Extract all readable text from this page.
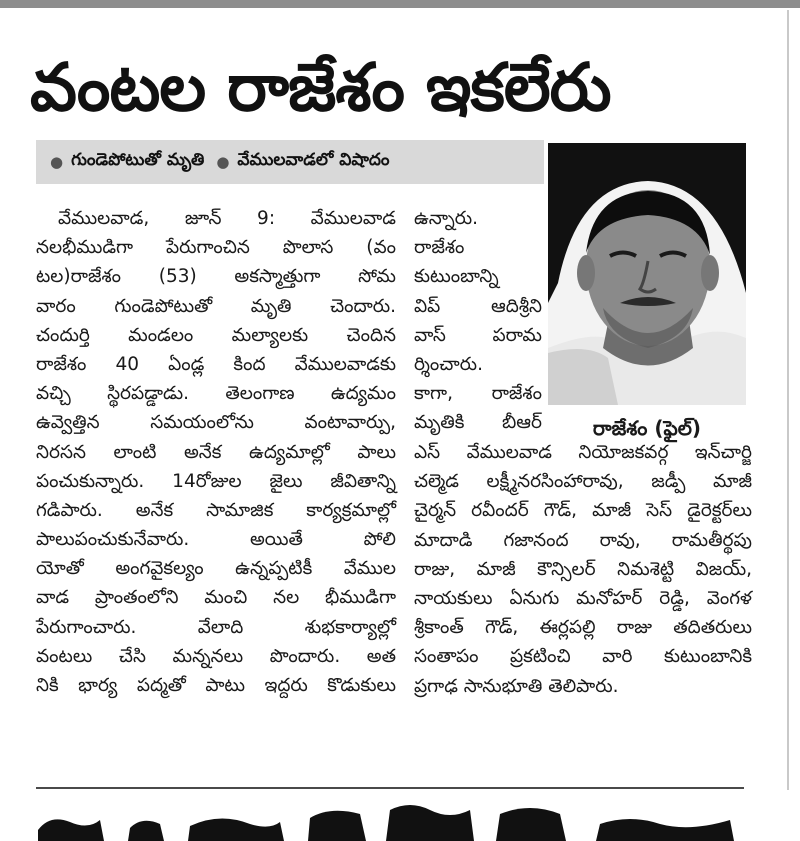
వంటల రాజేశం ఇకలేరు
● గుండెపోటుతో మృతి ● వేములవాడలో విషాదం
రాజేశం (ఫైల్)
వేములవాడ, జూన్ 9: వేములవాడ
నలభీముడిగా పేరుగాంచిన పొలాస (వం
టల)రాజేశం (53) అకస్మాత్తుగా సోమ
వారం గుండెపోటుతో మృతి చెందారు.
చందుర్తి మండలం మల్యాలకు చెందిన
రాజేశం 40 ఏండ్ల కింద వేములవాడకు
వచ్చి స్థిరపడ్డాడు. తెలంగాణ ఉద్యమం
ఉవ్వెత్తిన సమయంలోను వంటావార్పు,
నిరసన లాంటి అనేక ఉద్యమాల్లో పాలు
పంచుకున్నారు. 14రోజుల జైలు జీవితాన్ని
గడిపారు. అనేక సామాజిక కార్యక్రమాల్లో
పాలుపంచుకునేవారు. అయితే పోలి
యోతో అంగవైకల్యం ఉన్నప్పటికీ వేముల
వాడ ప్రాంతంలోని మంచి నల భీముడిగా
పేరుగాంచారు. వేలాది శుభకార్యాల్లో
వంటలు చేసి మన్ననలు పొందారు. అత
నికి భార్య పద్మతో పాటు ఇద్దరు కొడుకులు
ఉన్నారు.
రాజేశం
కుటుంబాన్ని
విప్ ఆదిశ్రీని
వాస్ పరామ
ర్శించారు.
కాగా, రాజేశం
మృతికి బీఆర్
ఎస్ వేములవాడ నియోజకవర్గ ఇన్‌చార్జి
చల్మెడ లక్ష్మీనరసింహారావు, జడ్పీ మాజీ
చైర్మన్ రవీందర్ గౌడ్, మాజీ సెస్ డైరెక్టర్‌లు
మాదాడి గజానంద రావు, రామతీర్థపు
రాజు, మాజీ కౌన్సిలర్ నిమశెట్టి విజయ్,
నాయకులు ఏనుగు మనోహర్ రెడ్డి, వెంగళ
శ్రీకాంత్ గౌడ్, ఈర్లపల్లి రాజు తదితరులు
సంతాపం ప్రకటించి వారి కుటుంబానికి
ప్రగాఢ సానుభూతి తెలిపారు.
